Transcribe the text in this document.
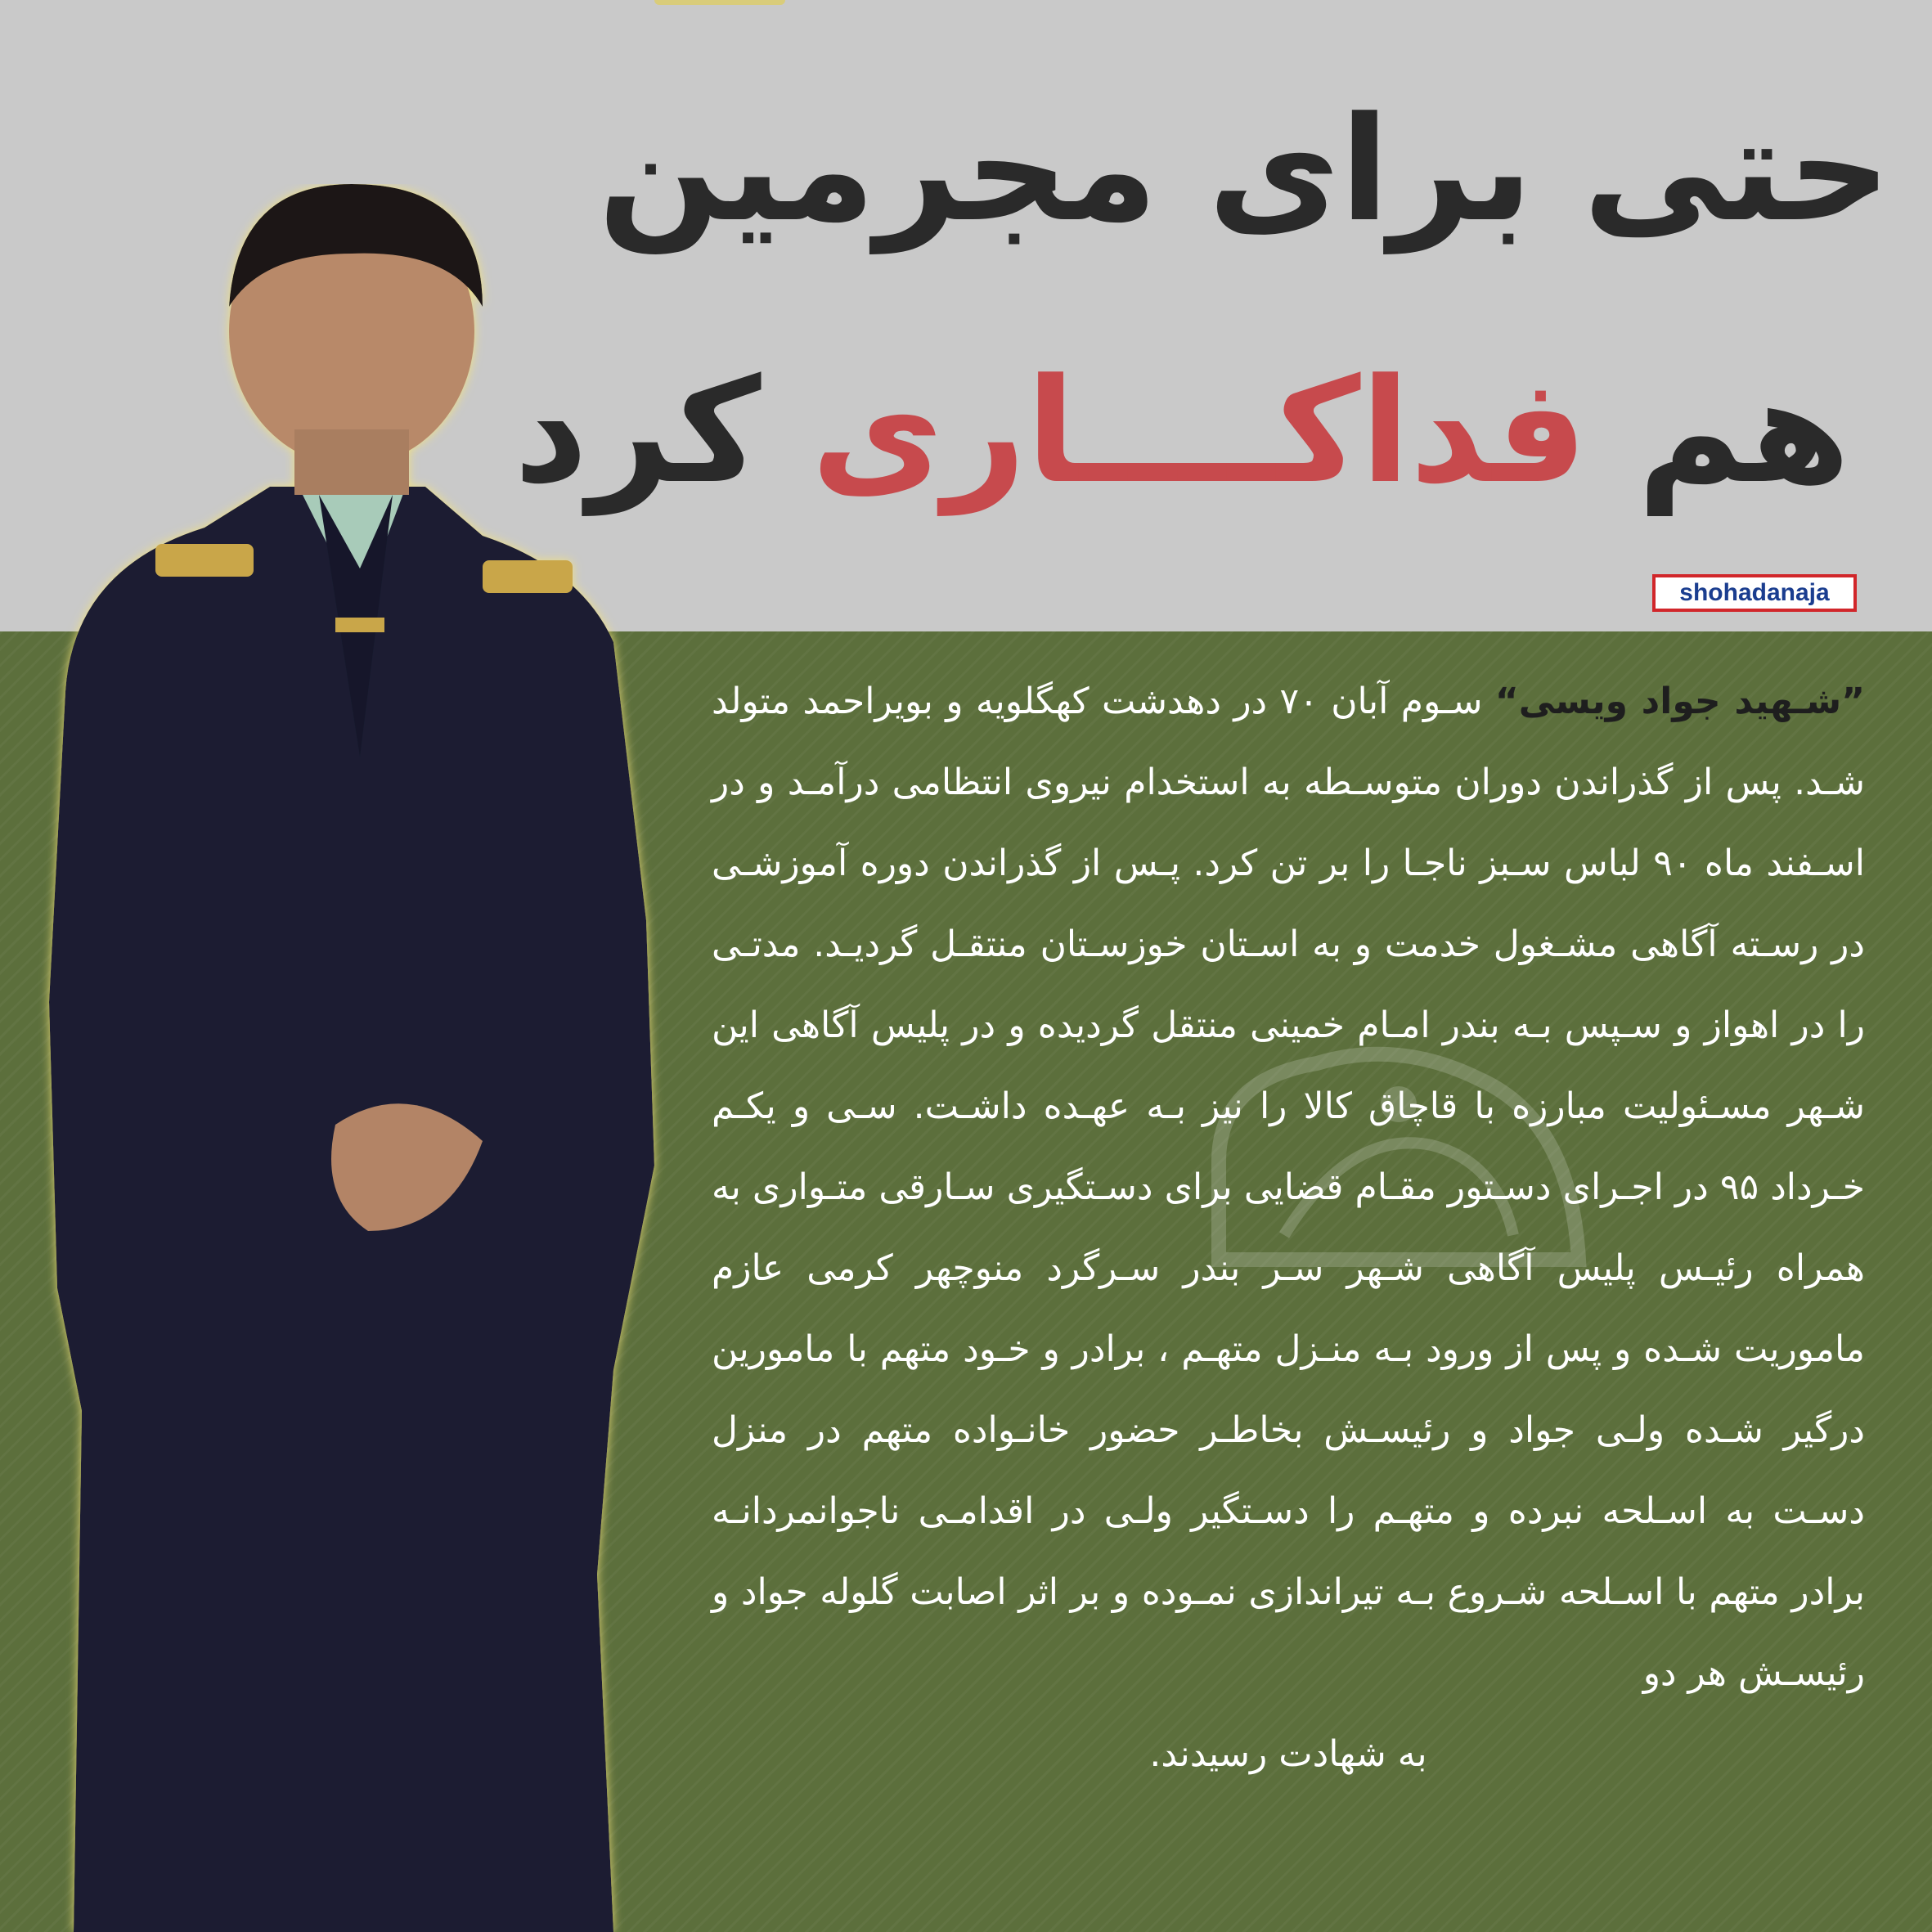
حتی برای مجرمین
هم فداکــــاری کرد
shohadanaja

”شـهید جواد ویسی“ سـوم آبان ۷۰ در دهدشت کهگلویه و بویراحمد متولد شـد. پس از گذراندن دوران متوسـطه به استخدام نیروی انتظامی درآمـد و در اسـفند ماه ۹۰ لباس سـبز ناجـا را بر تن کرد. پـس از گذراندن دوره آموزشـی در رسـته آگاهی مشـغول خدمت و به اسـتان خوزسـتان منتقـل گردیـد. مدتـی را در اهواز و سـپس بـه بندر امـام خمینی منتقل گردیده و در پلیس آگاهی این شـهر مسـئولیت مبارزه با قاچاق کالا را نیز بـه عهـده داشـت. سـی و یکـم خـرداد ۹۵ در اجـرای دسـتور مقـام قضایی برای دسـتگیری سـارقی متـواری به همراه رئیـس پلیس آگاهی شـهر سـر بندر سـرگرد منوچهر کرمی عازم ماموریت شـده و پس از ورود بـه منـزل متهـم ، برادر و خـود متهم با مامورین درگیر شـده ولـی جواد و رئیسـش بخاطـر حضور خانـواده متهم در منزل دسـت به اسـلحه نبرده و متهـم را دسـتگیر ولـی در اقدامـی ناجوانمردانـه برادر متهم با اسـلحه شـروع بـه تیراندازی نمـوده و بر اثر اصابت گلوله جواد و رئیسـش هر دو
به شهادت رسیدند.
